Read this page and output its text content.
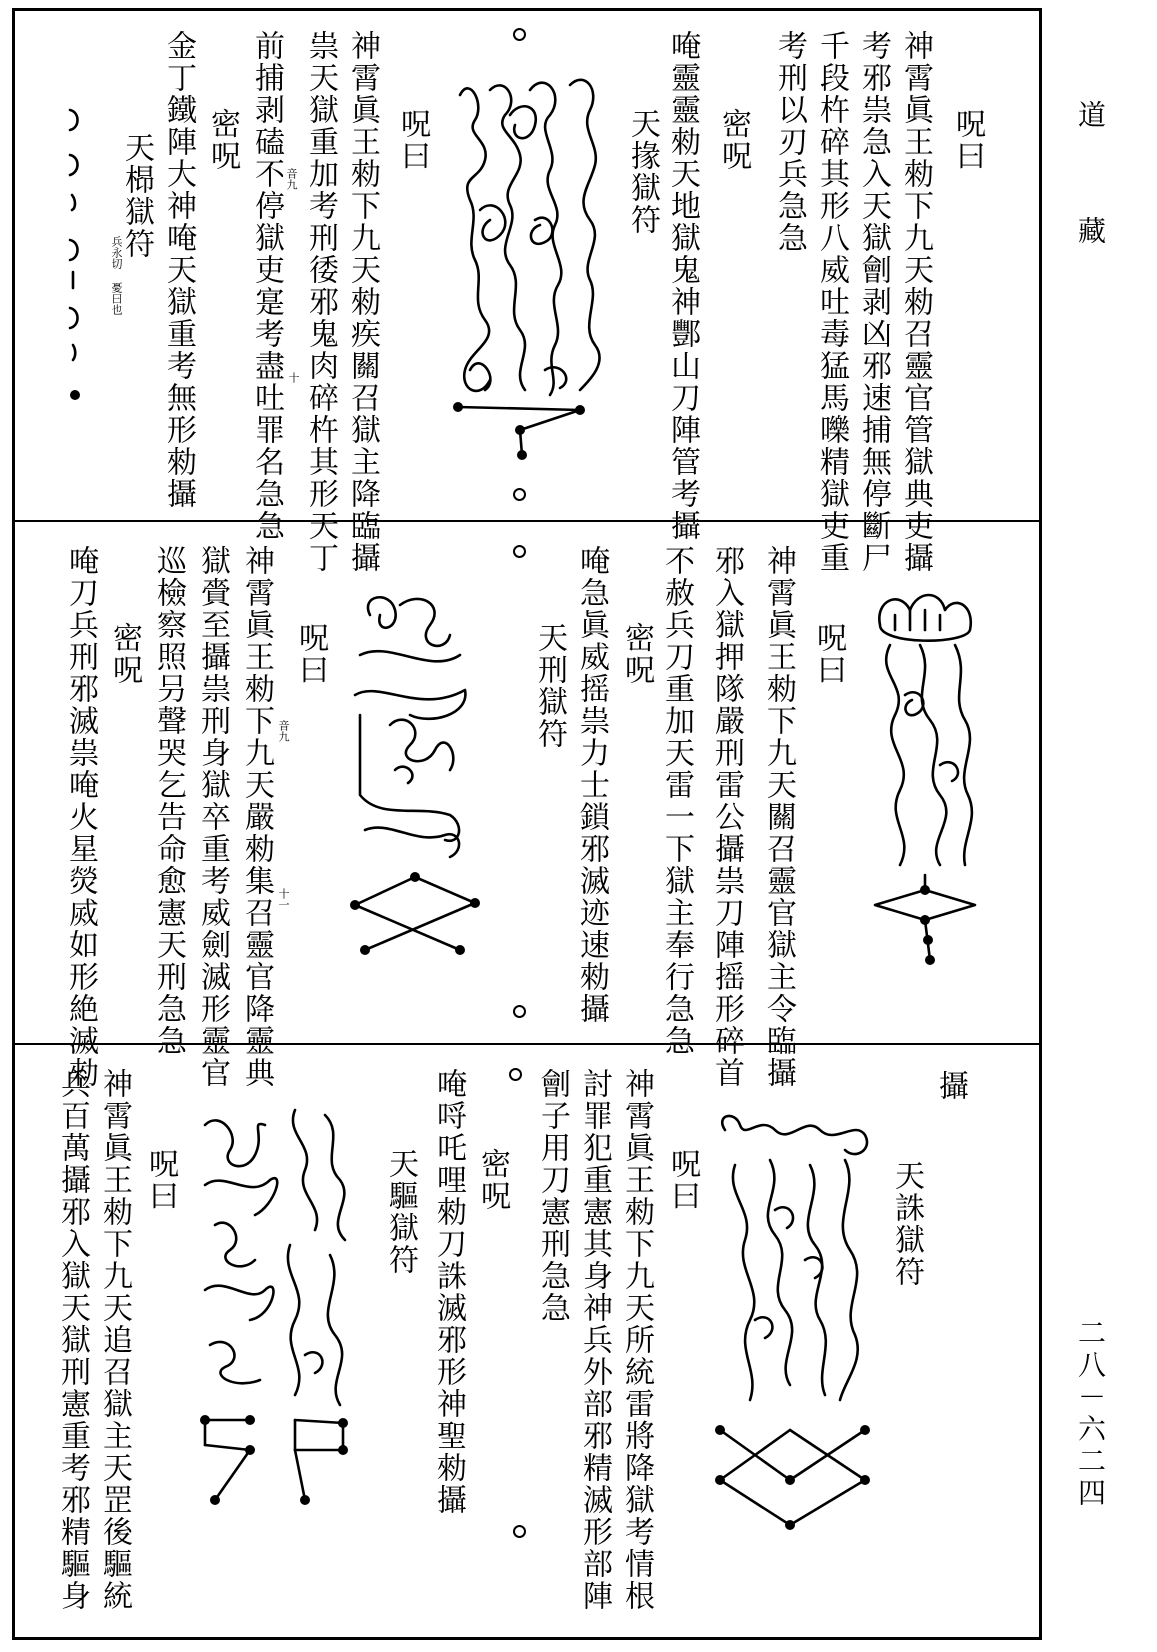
道　藏
二八－六二四
呪曰
神霄眞王勑下九天勑召靈官管獄典吏攝
考邪祟急入天獄劊剥凶邪速捕無停斷尸
千段杵碎其形八威吐毒猛馬嚛精獄吏重
考刑以刃兵急急
密呪
唵靈靈勑天地獄鬼神酆山刀陣管考攝
天掾獄符
呪曰
神霄眞王勑下九天勑疾關召獄主降臨攝
祟天獄重加考刑㣦邪鬼肉碎杵其形天丁
前捕剥磕不停獄吏寔考盡吐罪名急急 音九
十
密呪
金丁鐵陣大神唵天獄重考無形勑攝
天㭿獄符
兵永切 憂曰也
呪曰
神霄眞王勑下九天關召靈官獄主令臨攝
邪入獄押隊嚴刑雷公攝祟刀陣摇形碎首
不赦兵刀重加天雷一下獄主奉行急急
密呪
唵急眞威摇祟力士鎖邪滅迹速勑攝
天刑獄符
呪曰
神霄眞王勑下九天嚴勑集召靈官降靈典
獄賫至攝祟刑身獄卒重考威劍滅形靈官
巡檢察照叧聲哭乞告命愈憲天刑急急	音九
十一
密呪
唵刀兵刑邪滅祟唵火星熒烕如形絶滅勑	攝
天誅獄符
呪曰
神霄眞王勑下九天所統雷將降獄考情根
討罪犯重憲其身神兵外部邪精滅形部陣
劊子用刀憲刑急急
密呪
唵哷吒哩勑刀誅滅邪形神聖勑攝
天驅獄符
呪曰
神霄眞王勑下九天追召獄主天罡後驅統
兵百萬攝邪入獄天獄刑憲重考邪精驅身
